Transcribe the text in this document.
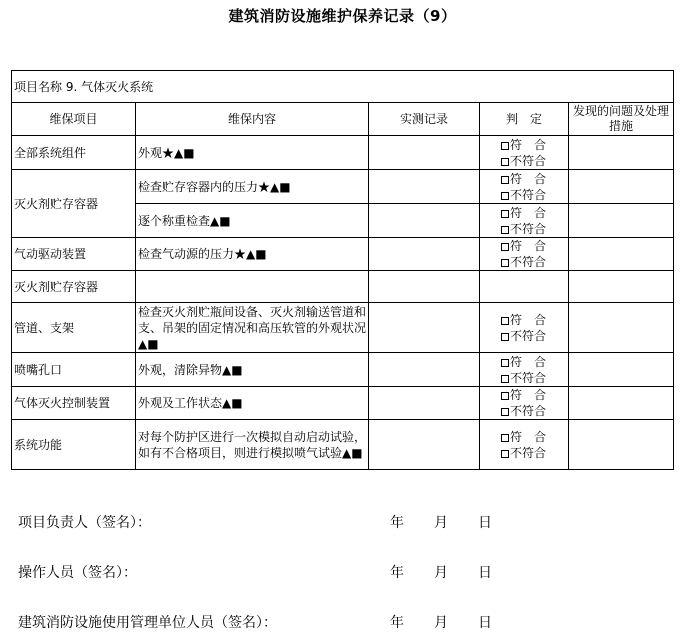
建筑消防设施维护保养记录（9）
项目名称 9. 气体灭火系统				
维保项目	维保内容	实测记录	判　定	发现的问题及处理措施
全部系统组件	外观★▲■		符　合
不符合	

灭火剂贮存容器	检查贮存容器内的压力★▲■		符　合
不符合	

	逐个称重检查▲■		符　合
不符合	

气动驱动装置	检查气动源的压力★▲■		符　合
不符合	

灭火剂贮存容器				
管道、支架	检查灭火剂贮瓶间设备、灭火剂输送管道和支、吊架的固定情况和高压软管的外观状况▲■		符　合
不符合	

喷嘴孔口	外观，清除异物▲■		符　合
不符合	

气体灭火控制装置	外观及工作状态▲■		符　合
不符合	

系统功能	对每个防护区进行一次模拟自动启动试验，如有不合格项目，则进行模拟喷气试验▲■		符　合
不符合	

项目负责人（签名）：	年 月 日
操作人员（签名）：	年 月 日
建筑消防设施使用管理单位人员（签名）：	年 月 日
